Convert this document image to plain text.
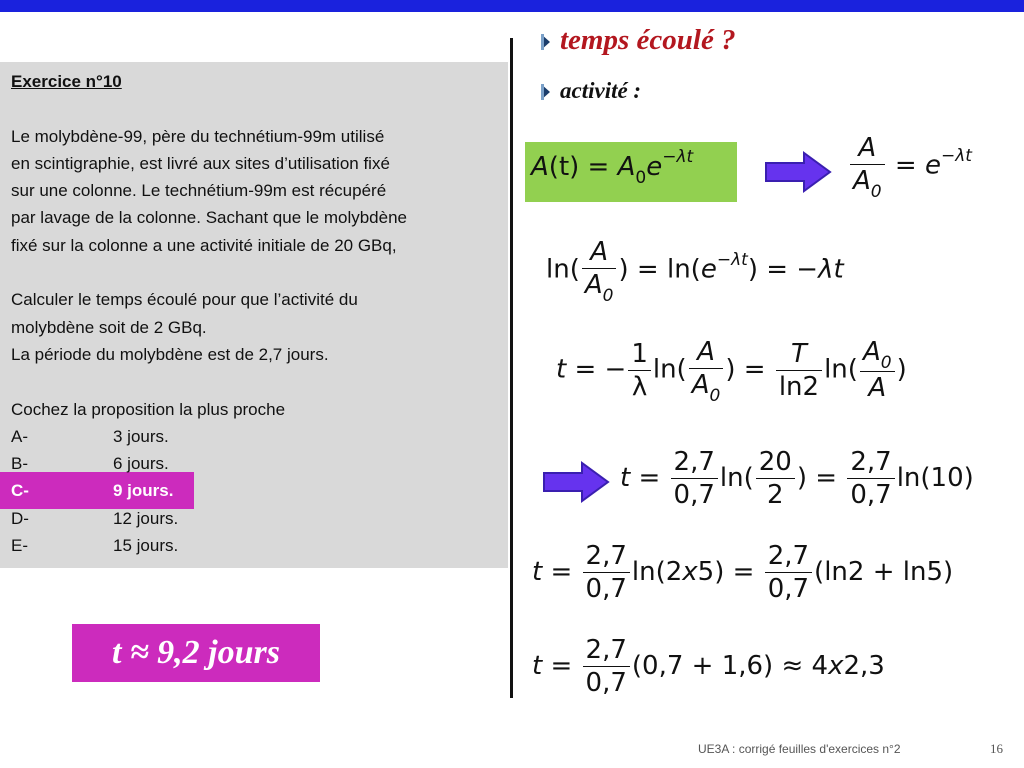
Exercice n°10
Le molybdène-99, père du technétium-99m utilisé
en scintigraphie, est livré aux sites d’utilisation fixé
sur une colonne. Le technétium-99m est récupéré
par lavage de la colonne. Sachant que le molybdène
fixé sur la colonne a une activité initiale de 20 GBq,
Calculer le temps écoulé pour que l’activité du
molybdène soit de 2 GBq.
La période du molybdène est de 2,7 jours.
Cochez la proposition la plus proche
A-	3 jours.
B-	6 jours.
C-	9 jours.
D-	12 jours.
E-	15 jours.
t ≈ 9,2 jours
temps écoulé ?
activité :
$A(t) = A_0e^{-\lambda t}$	$\frac{A}{A_0} = e^{-\lambda t}$
$\ln( \frac{A}{A_0}$ ) = $\ln(e^{-\lambda t}) = -\lambda t$
t = − $\frac{1}{\lambda} \ln( \frac{A}{A_0}$ ) = $\frac{T}{\ln 2} \ln( \frac{A_0}{A}$ )
$t = \frac{2,7}{0,7} \ln( \frac{20}{2}$ ) = $\frac{2,7}{0,7} \ln(10)$
$t = \frac{2,7}{0,7} \ln(2x5) = \frac{2,7}{0,7} (\ln 2 + \ln 5)$
$t = \frac{2,7}{0,7} (0,7 + 1,6) \approx 4x2,3$
UE3A : corrigé feuilles d'exercices n°2	16
